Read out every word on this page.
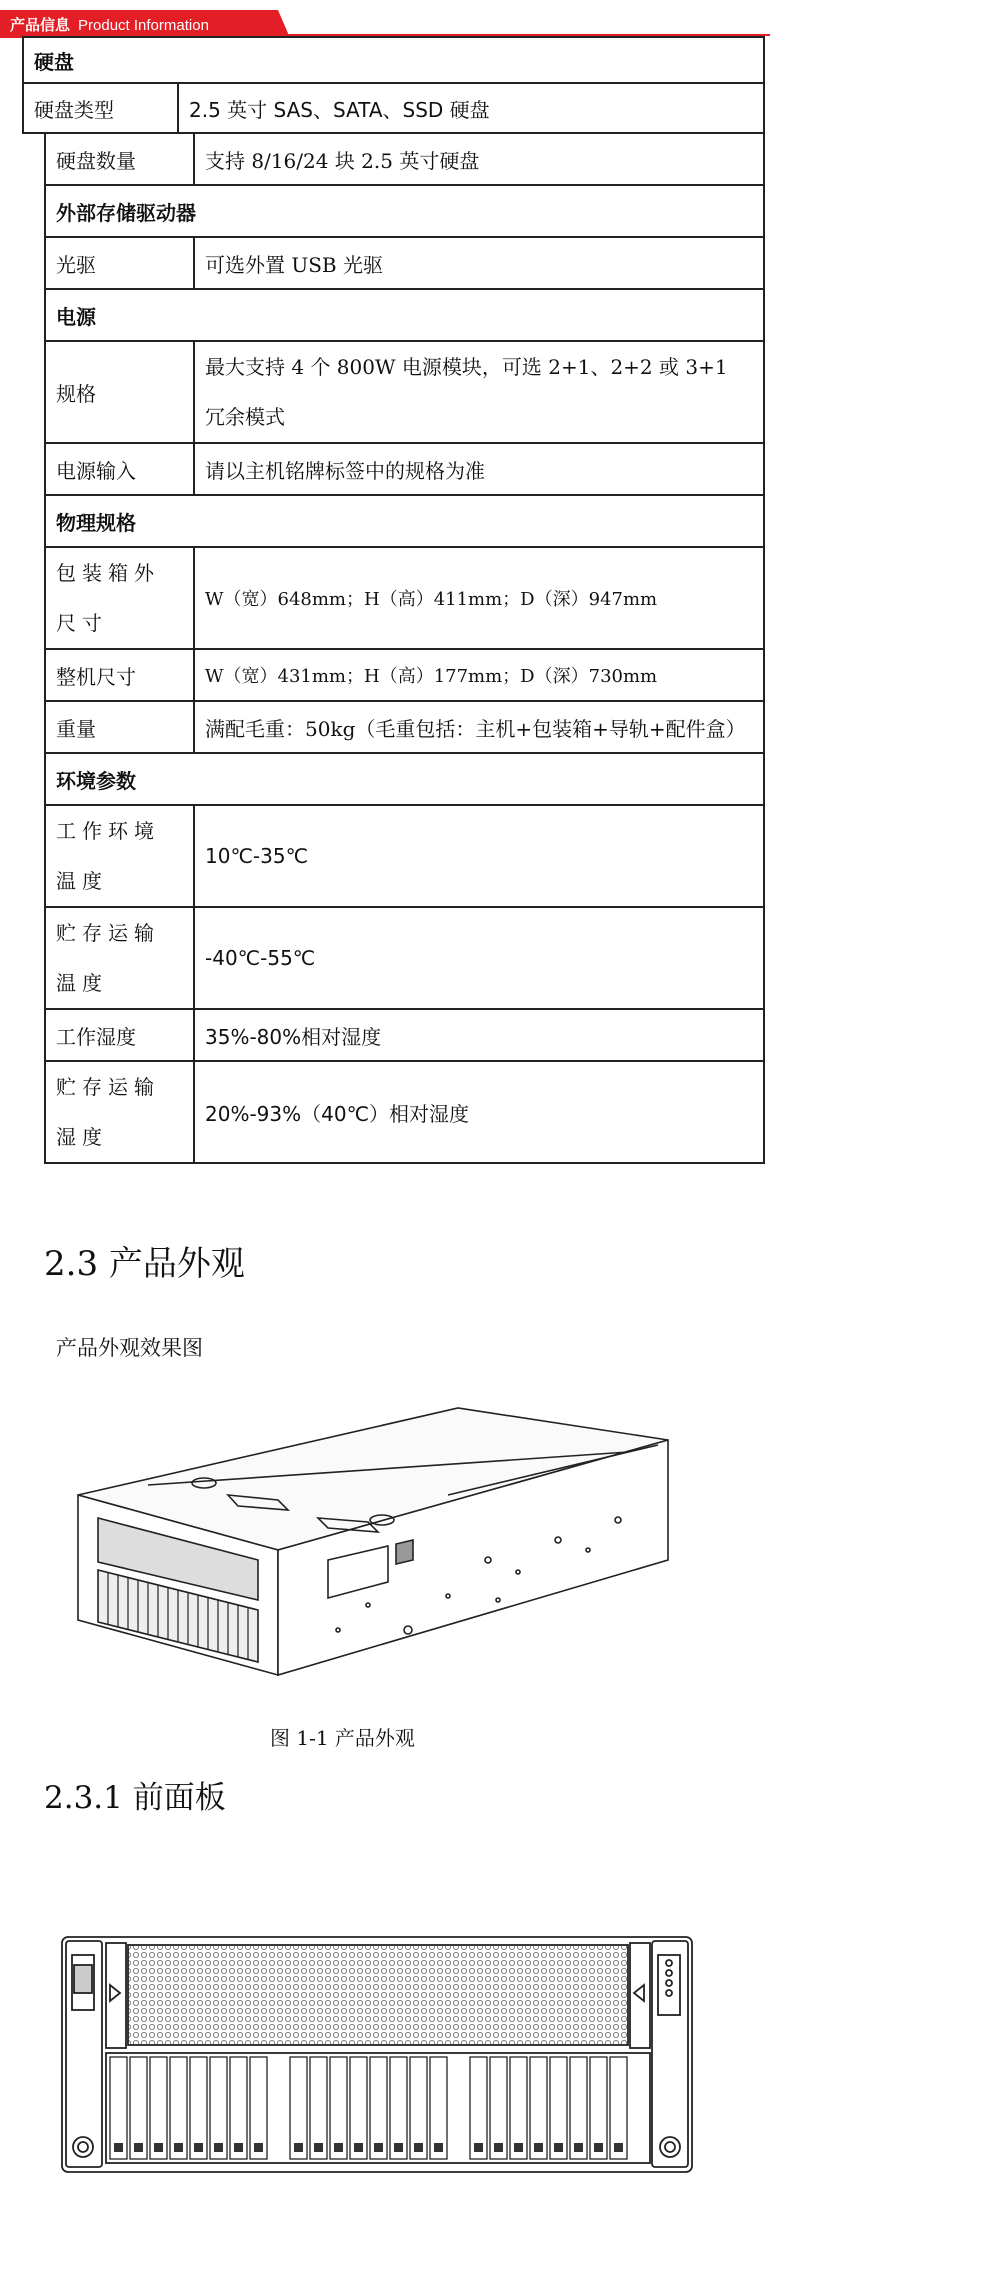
产品信息 Product Information
硬盘
硬盘类型	2.5 英寸 SAS、SATA、SSD 硬盘
硬盘数量	支持 8/16/24 块 2.5 英寸硬盘
外部存储驱动器	
光驱	可选外置 USB 光驱
电源	
规格	最大支持 4 个 800W 电源模块，可选 2+1、2+2 或 3+1 冗余模式
电源输入	请以主机铭牌标签中的规格为准
物理规格	
包装箱外尺寸	W（宽）648mm；H（高）411mm；D（深）947mm
整机尺寸	W（宽）431mm；H（高）177mm；D（深）730mm
重量	满配毛重：50kg（毛重包括：主机+包装箱+导轨+配件盒）
环境参数	
工作环境温度	10℃-35℃
贮存运输温度	-40℃-55℃
工作湿度	35%-80%相对湿度
贮存运输湿度	20%-93%（40℃）相对湿度
2.3 产品外观
产品外观效果图
图 1-1 产品外观
2.3.1 前面板
